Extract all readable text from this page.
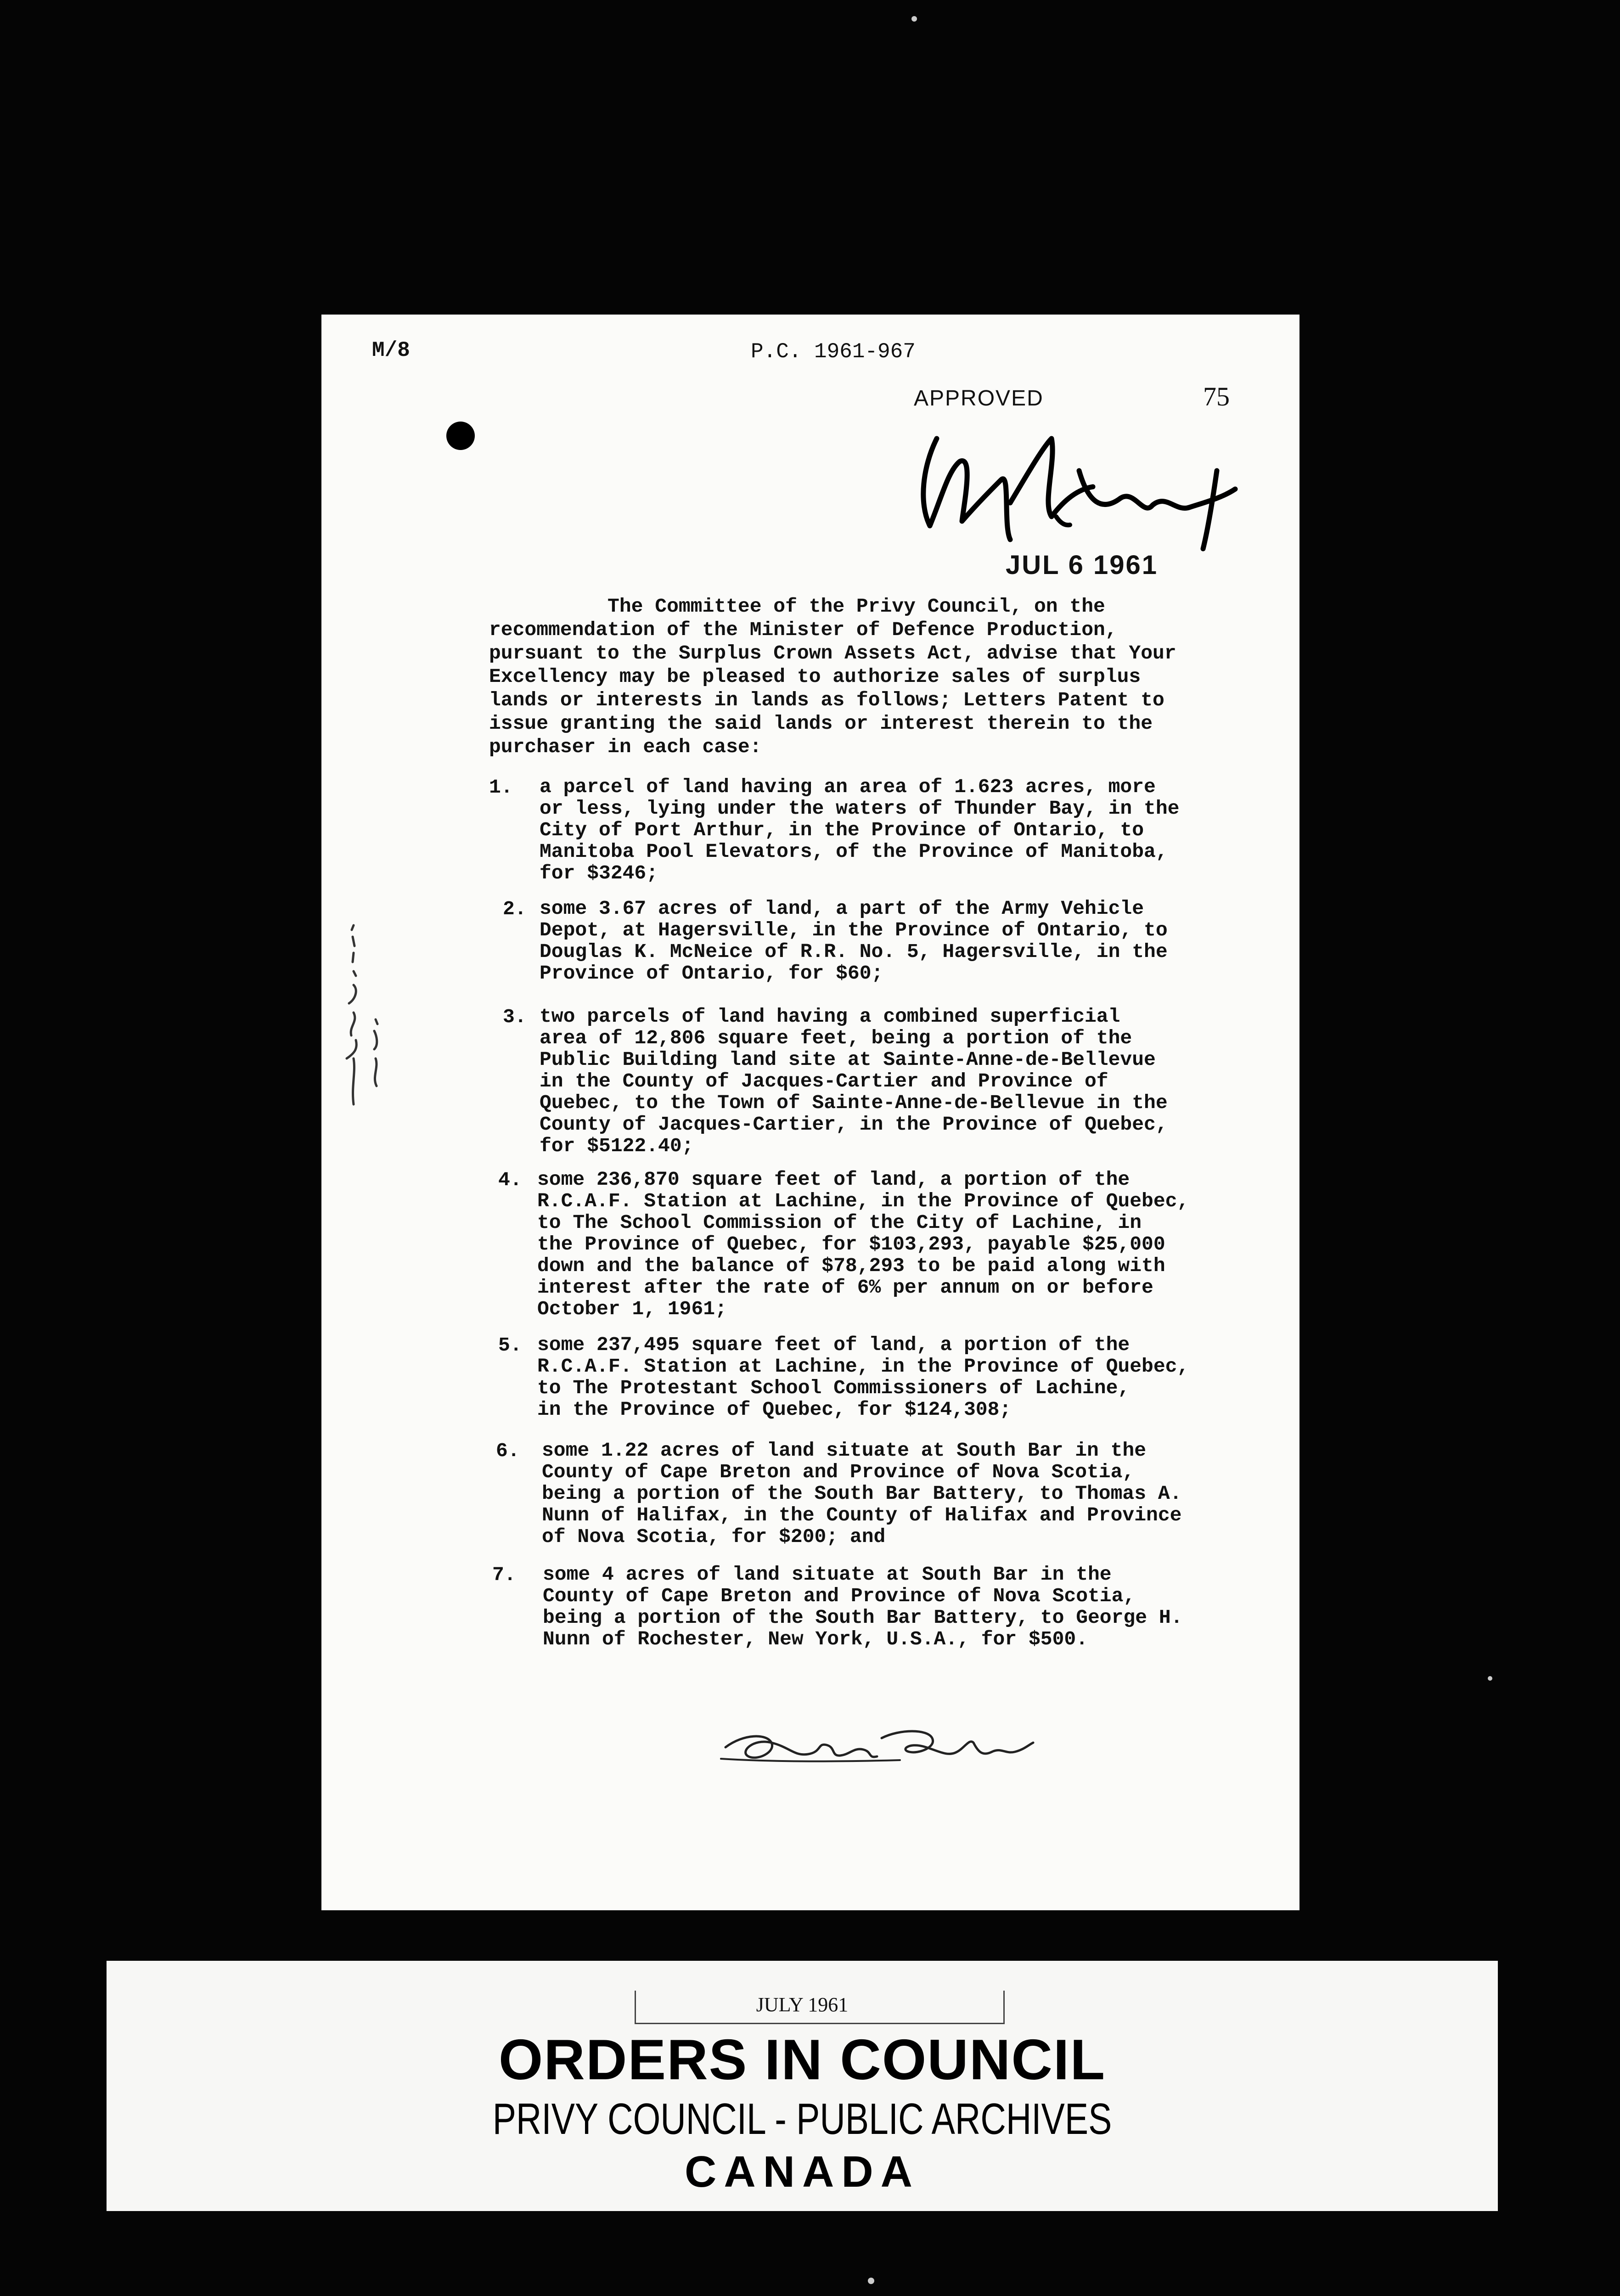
M/8	P.C. 1961-967
APPROVED	75
JUL 6 1961
The Committee of the Privy Council, on the
recommendation of the Minister of Defence Production,
pursuant to the Surplus Crown Assets Act, advise that Your
Excellency may be pleased to authorize sales of surplus
lands or interests in lands as follows; Letters Patent to
issue granting the said lands or interest therein to the
purchaser in each case:
1. a parcel of land having an area of 1.623 acres, more
or less, lying under the waters of Thunder Bay, in the
City of Port Arthur, in the Province of Ontario, to
Manitoba Pool Elevators, of the Province of Manitoba,
for $3246;
2. some 3.67 acres of land, a part of the Army Vehicle
Depot, at Hagersville, in the Province of Ontario, to
Douglas K. McNeice of R.R. No. 5, Hagersville, in the
Province of Ontario, for $60;
3. two parcels of land having a combined superficial
area of 12,806 square feet, being a portion of the
Public Building land site at Sainte-Anne-de-Bellevue
in the County of Jacques-Cartier and Province of
Quebec, to the Town of Sainte-Anne-de-Bellevue in the
County of Jacques-Cartier, in the Province of Quebec,
for $5122.40;
4. some 236,870 square feet of land, a portion of the
R.C.A.F. Station at Lachine, in the Province of Quebec,
to The School Commission of the City of Lachine, in
the Province of Quebec, for $103,293, payable $25,000
down and the balance of $78,293 to be paid along with
interest after the rate of 6% per annum on or before
October 1, 1961;
5. some 237,495 square feet of land, a portion of the
R.C.A.F. Station at Lachine, in the Province of Quebec,
to The Protestant School Commissioners of Lachine,
in the Province of Quebec, for $124,308;
6. some 1.22 acres of land situate at South Bar in the
County of Cape Breton and Province of Nova Scotia,
being a portion of the South Bar Battery, to Thomas A.
Nunn of Halifax, in the County of Halifax and Province
of Nova Scotia, for $200; and
7. some 4 acres of land situate at South Bar in the
County of Cape Breton and Province of Nova Scotia,
being a portion of the South Bar Battery, to George H.
Nunn of Rochester, New York, U.S.A., for $500.
JULY 1961
ORDERS IN COUNCIL
PRIVY COUNCIL - PUBLIC ARCHIVES
CANADA
